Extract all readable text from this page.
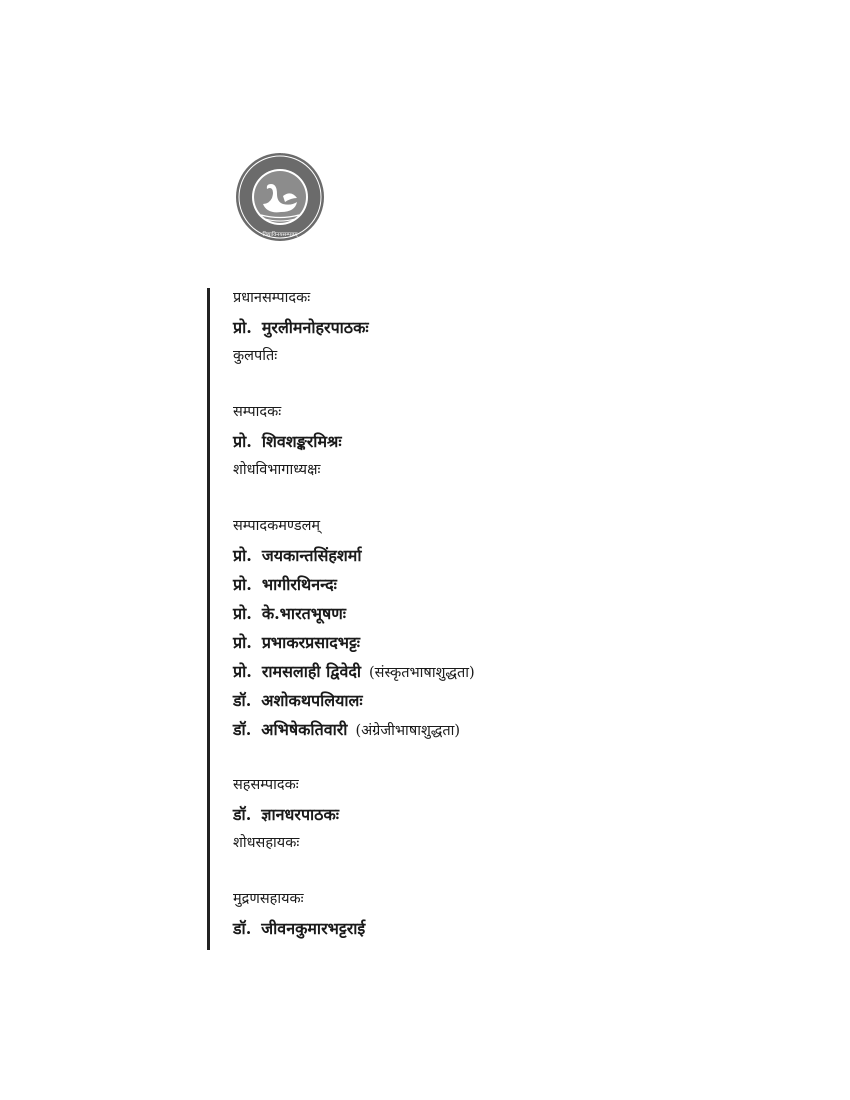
श्रीलालबहादुरशास्त्रीराष्ट्रियसंस्कृतविद्यापीठम्
विद्याविनयसम्पन्नम्
प्रधानसम्पादकः
प्रो. मुरलीमनोहरपाठकः
कुलपतिः
सम्पादकः
प्रो. शिवशङ्करमिश्रः
शोधविभागाध्यक्षः
सम्पादकमण्डलम्
प्रो. जयकान्तसिंहशर्मा
प्रो. भागीरथिनन्दः
प्रो. के.भारतभूषणः
प्रो. प्रभाकरप्रसादभट्टः
प्रो. रामसलाही द्विवेदी (संस्कृतभाषाशुद्धता)
डॉ. अशोकथपलियालः
डॉ. अभिषेकतिवारी (अंग्रेजीभाषाशुद्धता)
सहसम्पादकः
डॉ. ज्ञानधरपाठकः
शोधसहायकः
मुद्रणसहायकः
डॉ. जीवनकुमारभट्टराई
